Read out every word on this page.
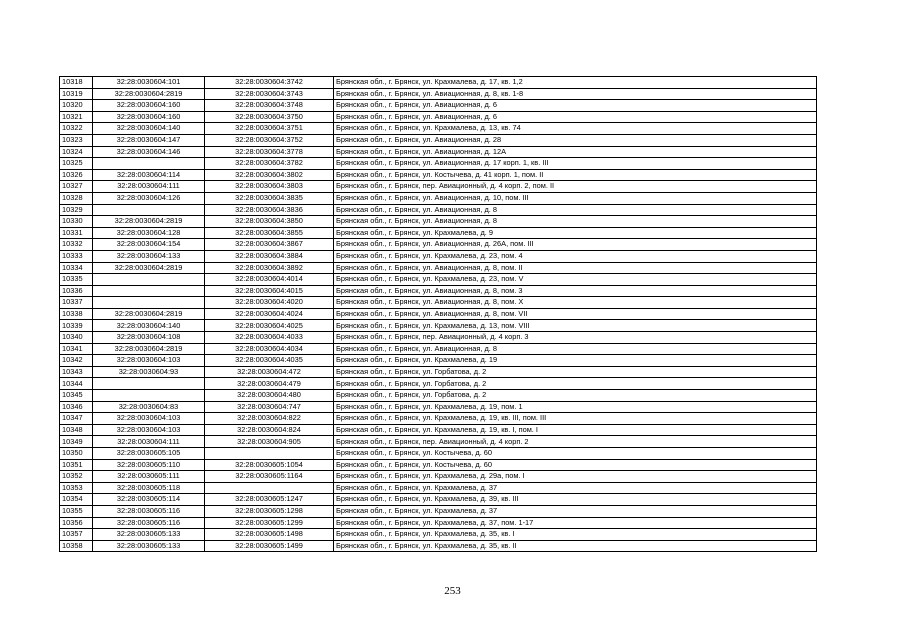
10318	32:28:0030604:101	32:28:0030604:3742	Брянская обл., г. Брянск, ул. Крахмалева, д. 17, кв. 1,2
10319	32:28:0030604:2819	32:28:0030604:3743	Брянская обл., г. Брянск, ул. Авиационная, д. 8, кв. 1-8
10320	32:28:0030604:160	32:28:0030604:3748	Брянская обл., г. Брянск, ул. Авиационная, д. 6
10321	32:28:0030604:160	32:28:0030604:3750	Брянская обл., г. Брянск, ул. Авиационная, д. 6
10322	32:28:0030604:140	32:28:0030604:3751	Брянская обл., г. Брянск, ул. Крахмалева, д. 13, кв. 74
10323	32:28:0030604:147	32:28:0030604:3752	Брянская обл., г. Брянск, ул. Авиационная, д. 28
10324	32:28:0030604:146	32:28:0030604:3778	Брянская обл., г. Брянск, ул. Авиационная, д. 12А
10325		32:28:0030604:3782	Брянская обл., г. Брянск, ул. Авиационная, д. 17 корп. 1, кв. III
10326	32:28:0030604:114	32:28:0030604:3802	Брянская обл., г. Брянск, ул. Костычева, д. 41 корп. 1, пом. II
10327	32:28:0030604:111	32:28:0030604:3803	Брянская обл., г. Брянск, пер. Авиационный, д. 4 корп. 2, пом. II
10328	32:28:0030604:126	32:28:0030604:3835	Брянская обл., г. Брянск, ул. Авиационная, д. 10, пом. III
10329		32:28:0030604:3836	Брянская обл., г. Брянск, ул. Авиационная, д. 8
10330	32:28:0030604:2819	32:28:0030604:3850	Брянская обл., г. Брянск, ул. Авиационная, д. 8
10331	32:28:0030604:128	32:28:0030604:3855	Брянская обл., г. Брянск, ул. Крахмалева, д. 9
10332	32:28:0030604:154	32:28:0030604:3867	Брянская обл., г. Брянск, ул. Авиационная, д. 26А, пом. III
10333	32:28:0030604:133	32:28:0030604:3884	Брянская обл., г. Брянск, ул. Крахмалева, д. 23, пом. 4
10334	32:28:0030604:2819	32:28:0030604:3892	Брянская обл., г. Брянск, ул. Авиационная, д. 8, пом. II
10335		32:28:0030604:4014	Брянская обл., г. Брянск, ул. Крахмалева, д. 23, пом. V
10336		32:28:0030604:4015	Брянская обл., г. Брянск, ул. Авиационная, д. 8, пом. 3
10337		32:28:0030604:4020	Брянская обл., г. Брянск, ул. Авиационная, д. 8, пом. X
10338	32:28:0030604:2819	32:28:0030604:4024	Брянская обл., г. Брянск, ул. Авиационная, д. 8, пом. VII
10339	32:28:0030604:140	32:28:0030604:4025	Брянская обл., г. Брянск, ул. Крахмалева, д. 13, пом. VIII
10340	32:28:0030604:108	32:28:0030604:4033	Брянская обл., г. Брянск, пер. Авиационный, д. 4 корп. 3
10341	32:28:0030604:2819	32:28:0030604:4034	Брянская обл., г. Брянск, ул. Авиационная, д. 8
10342	32:28:0030604:103	32:28:0030604:4035	Брянская обл., г. Брянск, ул. Крахмалева, д. 19
10343	32:28:0030604:93	32:28:0030604:472	Брянская обл., г. Брянск, ул. Горбатова, д. 2
10344		32:28:0030604:479	Брянская обл., г. Брянск, ул. Горбатова, д. 2
10345		32:28:0030604:480	Брянская обл., г. Брянск, ул. Горбатова, д. 2
10346	32:28:0030604:83	32:28:0030604:747	Брянская обл., г. Брянск, ул. Крахмалева, д. 19, пом. 1
10347	32:28:0030604:103	32:28:0030604:822	Брянская обл., г. Брянск, ул. Крахмалева, д. 19, кв. III, пом. III
10348	32:28:0030604:103	32:28:0030604:824	Брянская обл., г. Брянск, ул. Крахмалева, д. 19, кв. I, пом. I
10349	32:28:0030604:111	32:28:0030604:905	Брянская обл., г. Брянск, пер. Авиационный, д. 4 корп. 2
10350	32:28:0030605:105		Брянская обл., г. Брянск, ул. Костычева, д. 60
10351	32:28:0030605:110	32:28:0030605:1054	Брянская обл., г. Брянск, ул. Костычева, д. 60
10352	32:28:0030605:111	32:28:0030605:1164	Брянская обл., г. Брянск, ул. Крахмалева, д. 29а, пом. I
10353	32:28:0030605:118		Брянская обл., г. Брянск, ул. Крахмалева, д. 37
10354	32:28:0030605:114	32:28:0030605:1247	Брянская обл., г. Брянск, ул. Крахмалева, д. 39, кв. III
10355	32:28:0030605:116	32:28:0030605:1298	Брянская обл., г. Брянск, ул. Крахмалева, д. 37
10356	32:28:0030605:116	32:28:0030605:1299	Брянская обл., г. Брянск, ул. Крахмалева, д. 37, пом. 1-17
10357	32:28:0030605:133	32:28:0030605:1498	Брянская обл., г. Брянск, ул. Крахмалева, д. 35, кв. I
10358	32:28:0030605:133	32:28:0030605:1499	Брянская обл., г. Брянск, ул. Крахмалева, д. 35, кв. II
253
